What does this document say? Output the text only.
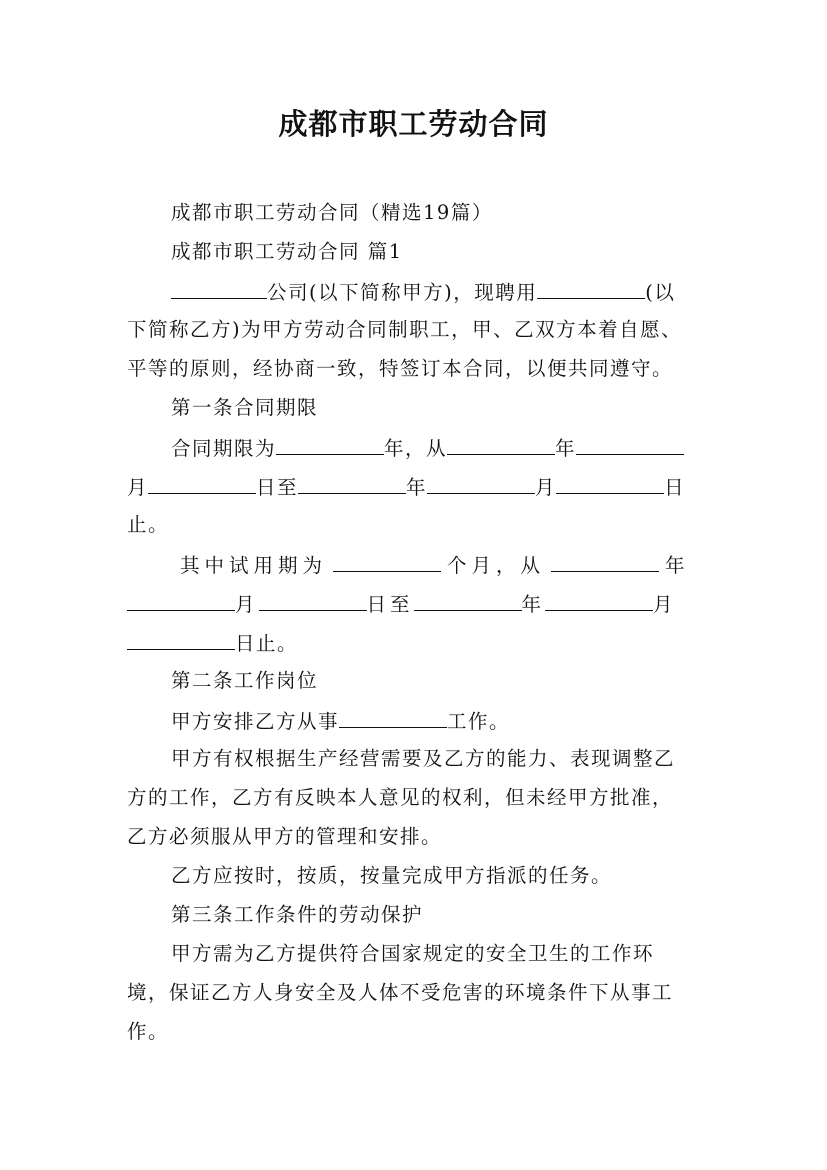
成都市职工劳动合同
成都市职工劳动合同（精选19篇）
成都市职工劳动合同 篇1
公司(以下简称甲方)，现聘用	(以
下简称乙方)为甲方劳动合同制职工，甲、乙双方本着自愿、
平等的原则，经协商一致，特签订本合同，以便共同遵守。
第一条合同期限
合同期限为	年，从	年
月	日至	年	月	日
止。
其中试用期为	个月，从	年
月	日至	年	月
日止。
第二条工作岗位
甲方安排乙方从事	工作。
甲方有权根据生产经营需要及乙方的能力、表现调整乙
方的工作，乙方有反映本人意见的权利，但未经甲方批准，
乙方必须服从甲方的管理和安排。
乙方应按时，按质，按量完成甲方指派的任务。
第三条工作条件的劳动保护
甲方需为乙方提供符合国家规定的安全卫生的工作环
境，保证乙方人身安全及人体不受危害的环境条件下从事工
作。
